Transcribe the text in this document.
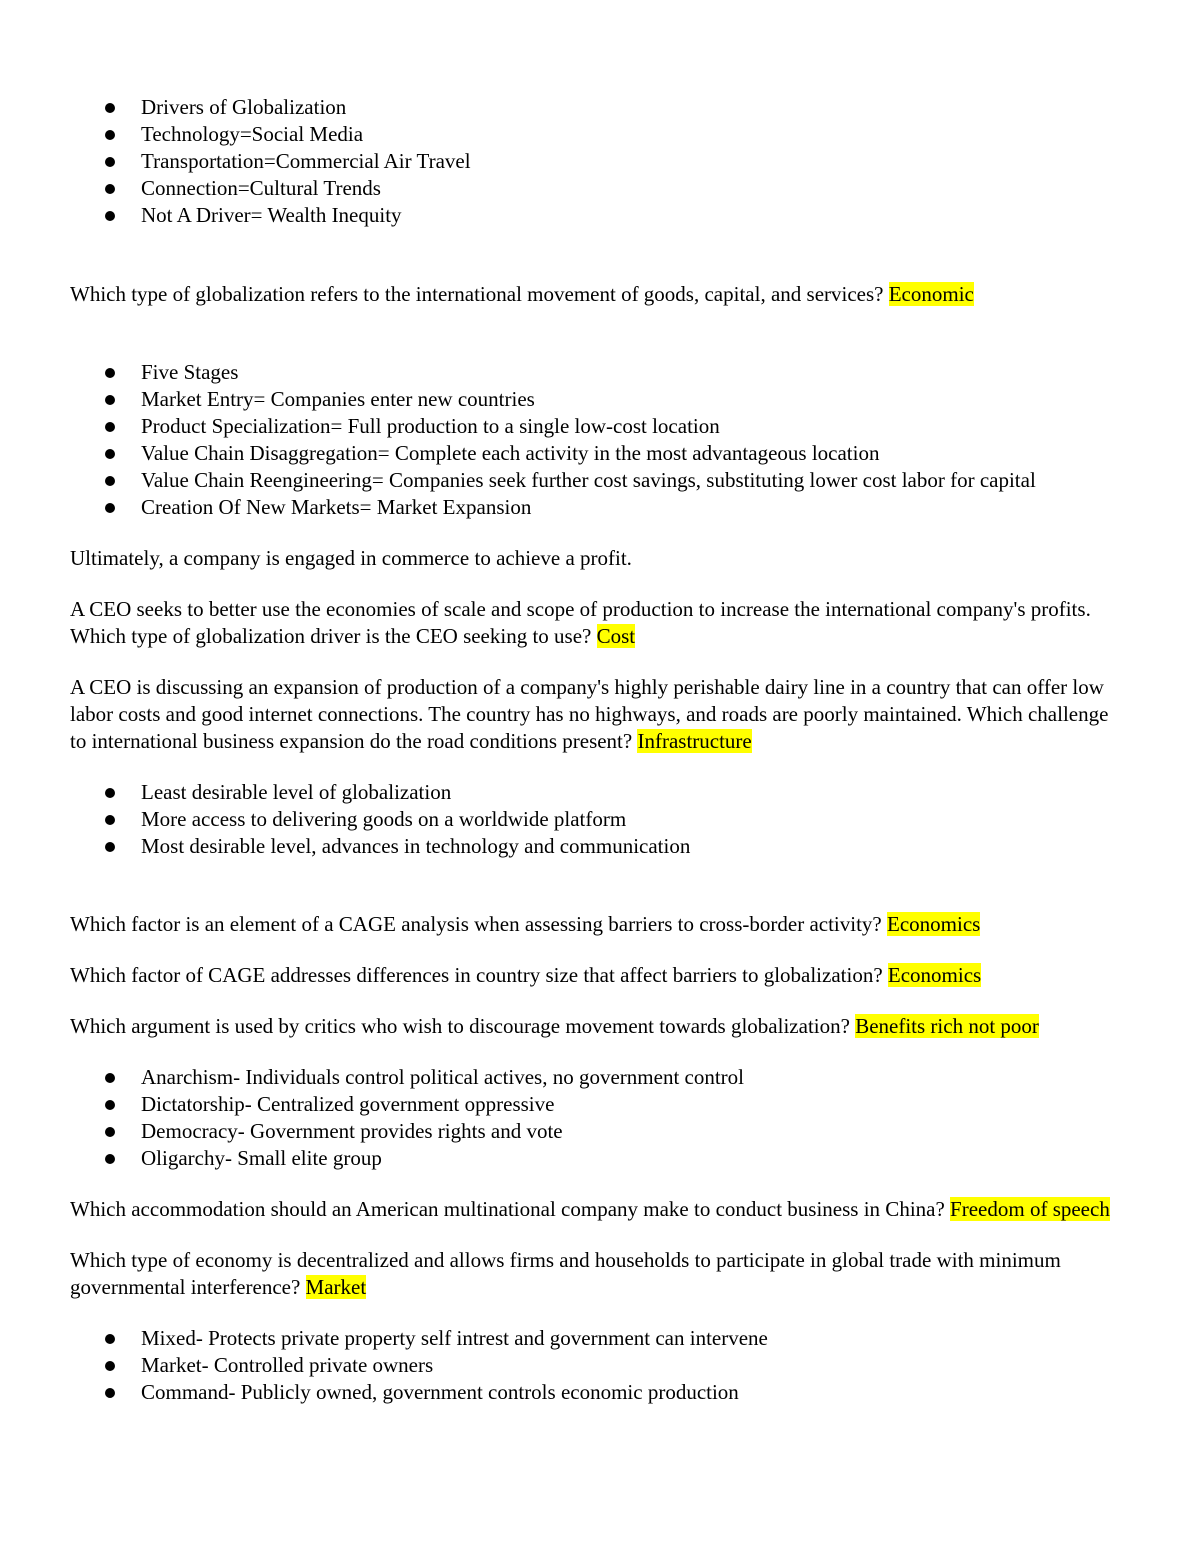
Drivers of Globalization
Technology=Social Media
Transportation=Commercial Air Travel
Connection=Cultural Trends
Not A Driver= Wealth Inequity

Which type of globalization refers to the international movement of goods, capital, and services? Economic

Five Stages
Market Entry= Companies enter new countries
Product Specialization= Full production to a single low-cost location
Value Chain Disaggregation= Complete each activity in the most advantageous location
Value Chain Reengineering= Companies seek further cost savings, substituting lower cost labor for capital
Creation Of New Markets= Market Expansion

Ultimately, a company is engaged in commerce to achieve a profit.

A CEO seeks to better use the economies of scale and scope of production to increase the international company's profits. Which type of globalization driver is the CEO seeking to use? Cost

A CEO is discussing an expansion of production of a company's highly perishable dairy line in a country that can offer low labor costs and good internet connections. The country has no highways, and roads are poorly maintained. Which challenge to international business expansion do the road conditions present? Infrastructure

Least desirable level of globalization
More access to delivering goods on a worldwide platform
Most desirable level, advances in technology and communication

Which factor is an element of a CAGE analysis when assessing barriers to cross-border activity? Economics

Which factor of CAGE addresses differences in country size that affect barriers to globalization? Economics

Which argument is used by critics who wish to discourage movement towards globalization? Benefits rich not poor

Anarchism- Individuals control political actives, no government control
Dictatorship- Centralized government oppressive
Democracy- Government provides rights and vote
Oligarchy- Small elite group

Which accommodation should an American multinational company make to conduct business in China? Freedom of speech

Which type of economy is decentralized and allows firms and households to participate in global trade with minimum governmental interference? Market

Mixed- Protects private property self intrest and government can intervene
Market- Controlled private owners
Command- Publicly owned, government controls economic production
